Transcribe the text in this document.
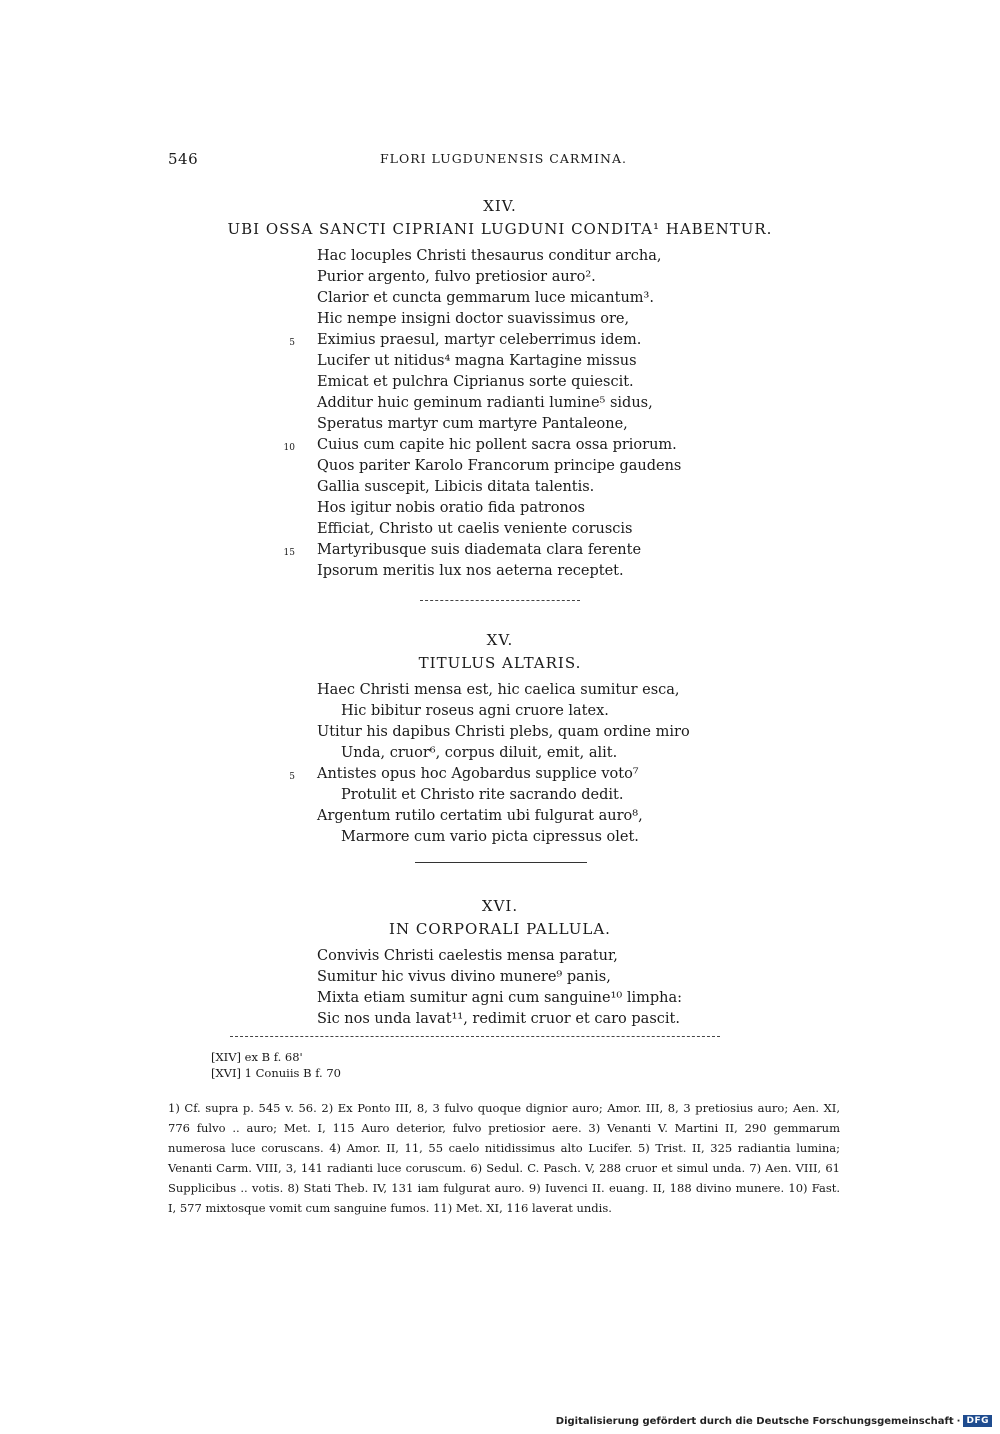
546	FLORI LUGDUNENSIS CARMINA.
XIV.
UBI OSSA SANCTI CIPRIANI LUGDUNI CONDITA¹ HABENTUR.
Hac locuples Christi thesaurus conditur archa,
Purior argento, fulvo pretiosior auro².
Clarior et cuncta gemmarum luce micantum³.
Hic nempe insigni doctor suavissimus ore,
5 Eximius praesul, martyr celeberrimus idem.
Lucifer ut nitidus⁴ magna Kartagine missus
Emicat et pulchra Ciprianus sorte quiescit.
Additur huic geminum radianti lumine⁵ sidus,
Speratus martyr cum martyre Pantaleone,
10 Cuius cum capite hic pollent sacra ossa priorum.
Quos pariter Karolo Francorum principe gaudens
Gallia suscepit, Libicis ditata talentis.
Hos igitur nobis oratio fida patronos
Efficiat, Christo ut caelis veniente coruscis
15 Martyribusque suis diademata clara ferente
Ipsorum meritis lux nos aeterna receptet.
XV.
TITULUS ALTARIS.
Haec Christi mensa est, hic caelica sumitur esca,
Hic bibitur roseus agni cruore latex.
Utitur his dapibus Christi plebs, quam ordine miro
Unda, cruor⁶, corpus diluit, emit, alit.
5 Antistes opus hoc Agobardus supplice voto⁷
Protulit et Christo rite sacrando dedit.
Argentum rutilo certatim ubi fulgurat auro⁸,
Marmore cum vario picta cipressus olet.
XVI.
IN CORPORALI PALLULA.
Convivis Christi caelestis mensa paratur,
Sumitur hic vivus divino munere⁹ panis,
Mixta etiam sumitur agni cum sanguine¹⁰ limpha:
Sic nos unda lavat¹¹, redimit cruor et caro pascit.
[XIV] ex B f. 68'
[XVI] 1 Conuiis B f. 70
1) Cf. supra p. 545 v. 56. 2) Ex Ponto III, 8, 3 fulvo quoque dignior auro; Amor. III, 8, 3 pretiosius auro; Aen. XI, 776 fulvo .. auro; Met. I, 115 Auro deterior, fulvo pretiosior aere. 3) Venanti V. Martini II, 290 gemmarum numerosa luce coruscans. 4) Amor. II, 11, 55 caelo nitidissimus alto Lucifer. 5) Trist. II, 325 radiantia lumina; Venanti Carm. VIII, 3, 141 radianti luce coruscum. 6) Sedul. C. Pasch. V, 288 cruor et simul unda. 7) Aen. VIII, 61 Supplicibus .. votis. 8) Stati Theb. IV, 131 iam fulgurat auro. 9) Iuvenci II. euang. II, 188 divino munere. 10) Fast. I, 577 mixtosque vomit cum sanguine fumos. 11) Met. XI, 116 laverat undis.
Digitalisierung gefördert durch die Deutsche Forschungsgemeinschaft · DFG
